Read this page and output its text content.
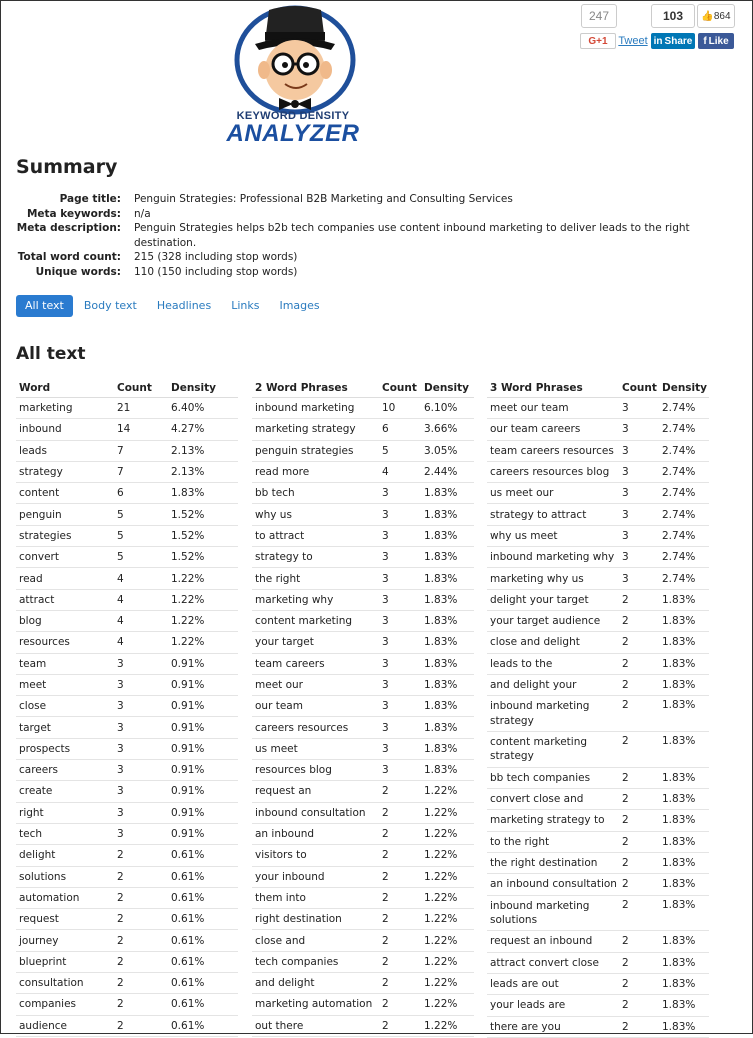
KEYWORD DENSITY
ANALYZER
247	103	👍 864
G+1 Tweet in Share f Like
Summary
Page title:	Penguin Strategies: Professional B2B Marketing and Consulting Services
Meta keywords:	n/a
Meta description:	Penguin Strategies helps b2b tech companies use content inbound marketing to deliver leads to the right destination.
Total word count:	215 (328 including stop words)
Unique words:	110 (150 including stop words)
All text	Body text	Headlines	Links	Images
All text
Word	Count	Density
marketing	21	6.40%
inbound	14	4.27%
leads	7	2.13%
strategy	7	2.13%
content	6	1.83%
penguin	5	1.52%
strategies	5	1.52%
convert	5	1.52%
read	4	1.22%
attract	4	1.22%
blog	4	1.22%
resources	4	1.22%
team	3	0.91%
meet	3	0.91%
close	3	0.91%
target	3	0.91%
prospects	3	0.91%
careers	3	0.91%
create	3	0.91%
right	3	0.91%
tech	3	0.91%
delight	2	0.61%
solutions	2	0.61%
automation	2	0.61%
request	2	0.61%
journey	2	0.61%
blueprint	2	0.61%
consultation	2	0.61%
companies	2	0.61%
audience	2	0.61%
2 Word Phrases	Count Density
inbound marketing	10	6.10%
marketing strategy	6	3.66%
penguin strategies	5	3.05%
read more	4	2.44%
bb tech	3	1.83%
why us	3	1.83%
to attract	3	1.83%
strategy to	3	1.83%
the right	3	1.83%
marketing why	3	1.83%
content marketing	3	1.83%
your target	3	1.83%
team careers	3	1.83%
meet our	3	1.83%
our team	3	1.83%
careers resources	3	1.83%
us meet	3	1.83%
resources blog	3	1.83%
request an	2	1.22%
inbound consultation	2	1.22%
an inbound	2	1.22%
visitors to	2	1.22%
your inbound	2	1.22%
them into	2	1.22%
right destination	2	1.22%
close and	2	1.22%
tech companies	2	1.22%
and delight	2	1.22%
marketing automation 2	1.22%
out there	2	1.22%
3 Word Phrases	Count Density
meet our team	3	2.74%
our team careers	3	2.74%
team careers resources 3	2.74%
careers resources blog	3	2.74%
us meet our	3	2.74%
strategy to attract	3	2.74%
why us meet	3	2.74%
inbound marketing why 3	2.74%
marketing why us	3	2.74%
delight your target	2	1.83%
your target audience	2	1.83%
close and delight	2	1.83%
leads to the	2	1.83%
and delight your	2	1.83%
inbound marketing strategy
2	1.83%
content marketing strategy
2	1.83%
bb tech companies	2	1.83%
convert close and	2	1.83%
marketing strategy to	2	1.83%
to the right	2	1.83%
the right destination	2	1.83%
an inbound consultation 2	1.83%
inbound marketing solutions
2	1.83%
request an inbound	2	1.83%
attract convert close	2	1.83%
leads are out	2	1.83%
your leads are	2	1.83%
there are you	2	1.83%
